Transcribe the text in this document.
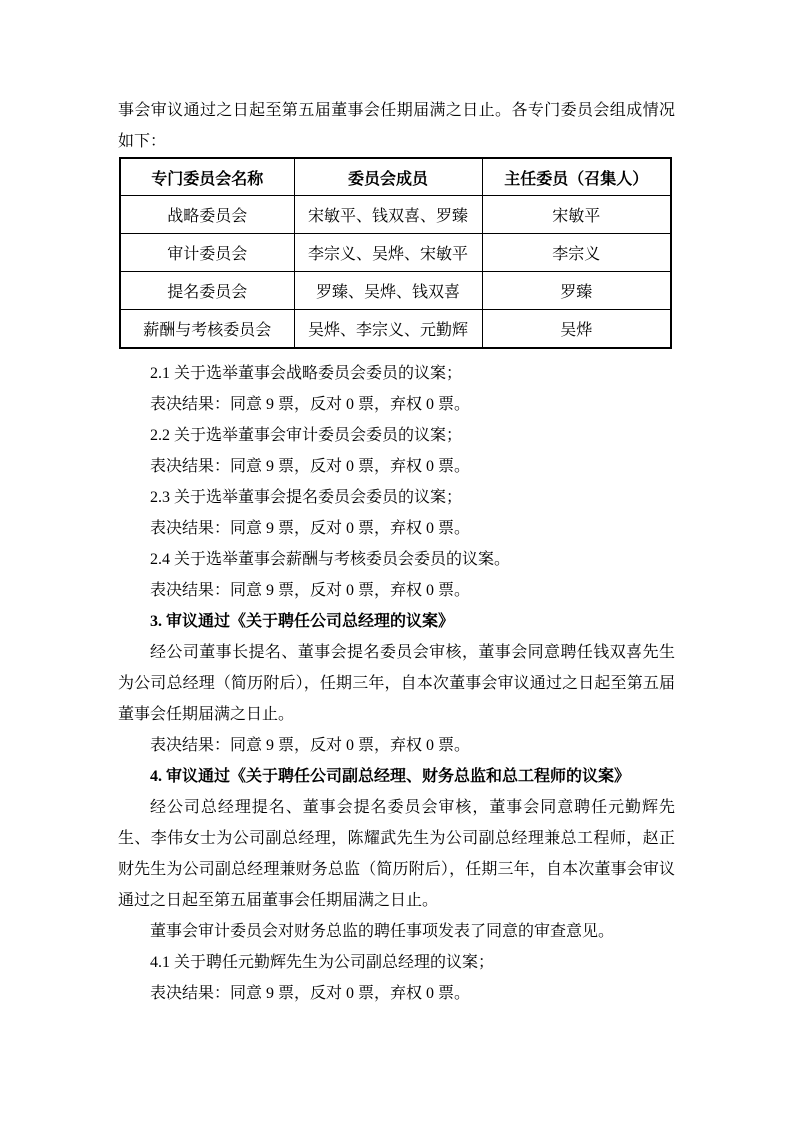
事会审议通过之日起至第五届董事会任期届满之日止。各专门委员会组成情况如下：

专门委员会名称	委员会成员	主任委员（召集人）
战略委员会	宋敏平、钱双喜、罗臻	宋敏平
审计委员会	李宗义、吴烨、宋敏平	李宗义
提名委员会	罗臻、吴烨、钱双喜	罗臻
薪酬与考核委员会	吴烨、李宗义、元勤辉	吴烨

2.1 关于选举董事会战略委员会委员的议案；

表决结果：同意 9 票，反对 0 票，弃权 0 票。

2.2 关于选举董事会审计委员会委员的议案；

表决结果：同意 9 票，反对 0 票，弃权 0 票。

2.3 关于选举董事会提名委员会委员的议案；

表决结果：同意 9 票，反对 0 票，弃权 0 票。

2.4 关于选举董事会薪酬与考核委员会委员的议案。

表决结果：同意 9 票，反对 0 票，弃权 0 票。

3. 审议通过《关于聘任公司总经理的议案》

经公司董事长提名、董事会提名委员会审核，董事会同意聘任钱双喜先生为公司总经理（简历附后），任期三年，自本次董事会审议通过之日起至第五届董事会任期届满之日止。

表决结果：同意 9 票，反对 0 票，弃权 0 票。

4. 审议通过《关于聘任公司副总经理、财务总监和总工程师的议案》

经公司总经理提名、董事会提名委员会审核，董事会同意聘任元勤辉先生、李伟女士为公司副总经理，陈耀武先生为公司副总经理兼总工程师，赵正财先生为公司副总经理兼财务总监（简历附后），任期三年，自本次董事会审议通过之日起至第五届董事会任期届满之日止。

董事会审计委员会对财务总监的聘任事项发表了同意的审查意见。

4.1 关于聘任元勤辉先生为公司副总经理的议案；

表决结果：同意 9 票，反对 0 票，弃权 0 票。
